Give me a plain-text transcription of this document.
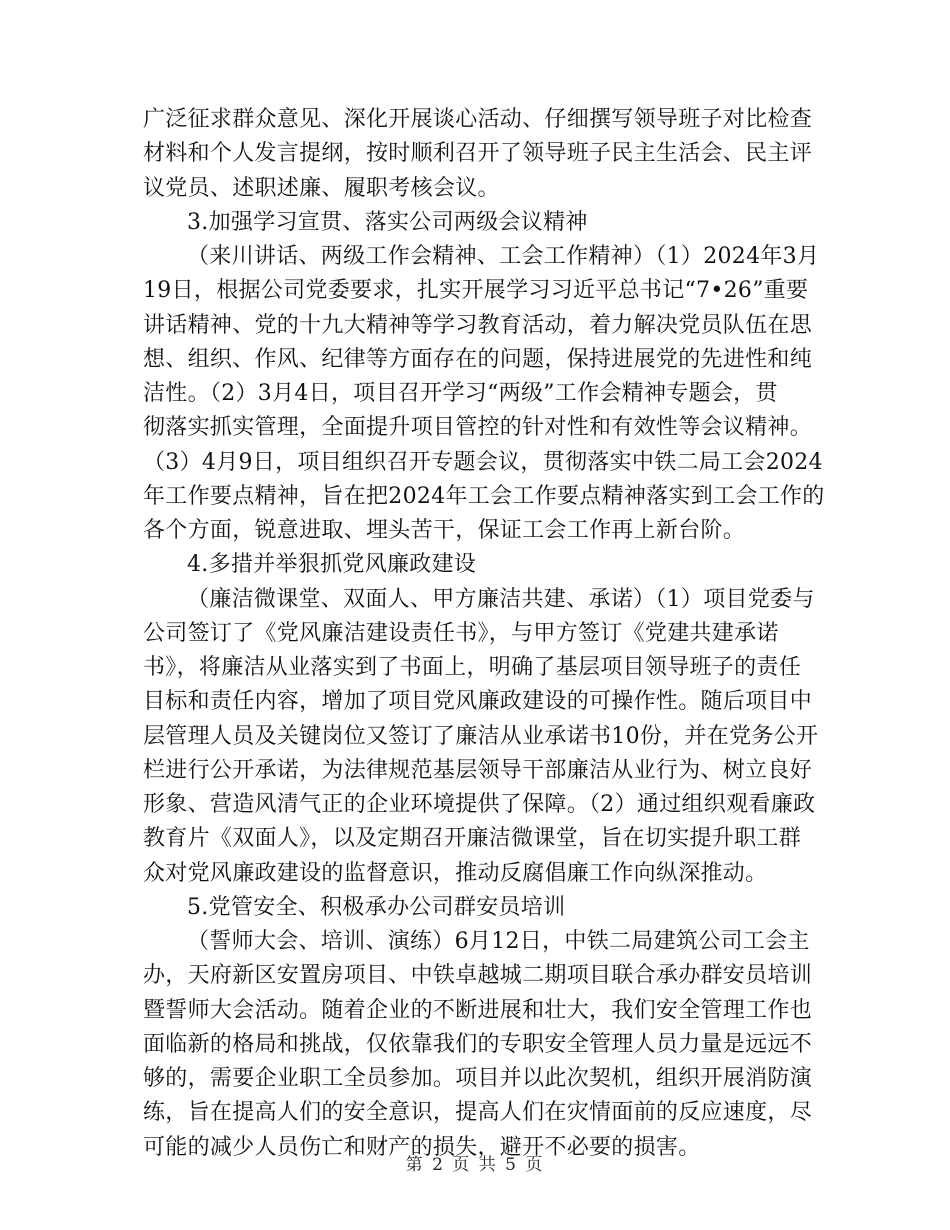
广泛征求群众意见、深化开展谈心活动、仔细撰写领导班子对比检查
材料和个人发言提纲，按时顺利召开了领导班子民主生活会、民主评
议党员、述职述廉、履职考核会议。
3.加强学习宣贯、落实公司两级会议精神
（来川讲话、两级工作会精神、工会工作精神）（1）2024年3月
19日，根据公司党委要求，扎实开展学习习近平总书记“7•26”重要
讲话精神、党的十九大精神等学习教育活动，着力解决党员队伍在思
想、组织、作风、纪律等方面存在的问题，保持进展党的先进性和纯
洁性。（2）3月4日，项目召开学习“两级”工作会精神专题会，贯
彻落实抓实管理，全面提升项目管控的针对性和有效性等会议精神。
（3）4月9日，项目组织召开专题会议，贯彻落实中铁二局工会2024
年工作要点精神，旨在把2024年工会工作要点精神落实到工会工作的
各个方面，锐意进取、埋头苦干，保证工会工作再上新台阶。
4.多措并举狠抓党风廉政建设
（廉洁微课堂、双面人、甲方廉洁共建、承诺）（1）项目党委与
公司签订了《党风廉洁建设责任书》，与甲方签订《党建共建承诺
书》，将廉洁从业落实到了书面上，明确了基层项目领导班子的责任
目标和责任内容，增加了项目党风廉政建设的可操作性。随后项目中
层管理人员及关键岗位又签订了廉洁从业承诺书10份，并在党务公开
栏进行公开承诺，为法律规范基层领导干部廉洁从业行为、树立良好
形象、营造风清气正的企业环境提供了保障。（2）通过组织观看廉政
教育片《双面人》，以及定期召开廉洁微课堂，旨在切实提升职工群
众对党风廉政建设的监督意识，推动反腐倡廉工作向纵深推动。
5.党管安全、积极承办公司群安员培训
（誓师大会、培训、演练）6月12日，中铁二局建筑公司工会主
办，天府新区安置房项目、中铁卓越城二期项目联合承办群安员培训
暨誓师大会活动。随着企业的不断进展和壮大，我们安全管理工作也
面临新的格局和挑战，仅依靠我们的专职安全管理人员力量是远远不
够的，需要企业职工全员参加。项目并以此次契机，组织开展消防演
练，旨在提高人们的安全意识，提高人们在灾情面前的反应速度，尽
可能的减少人员伤亡和财产的损失，避开不必要的损害。
第 2 页 共 5 页
